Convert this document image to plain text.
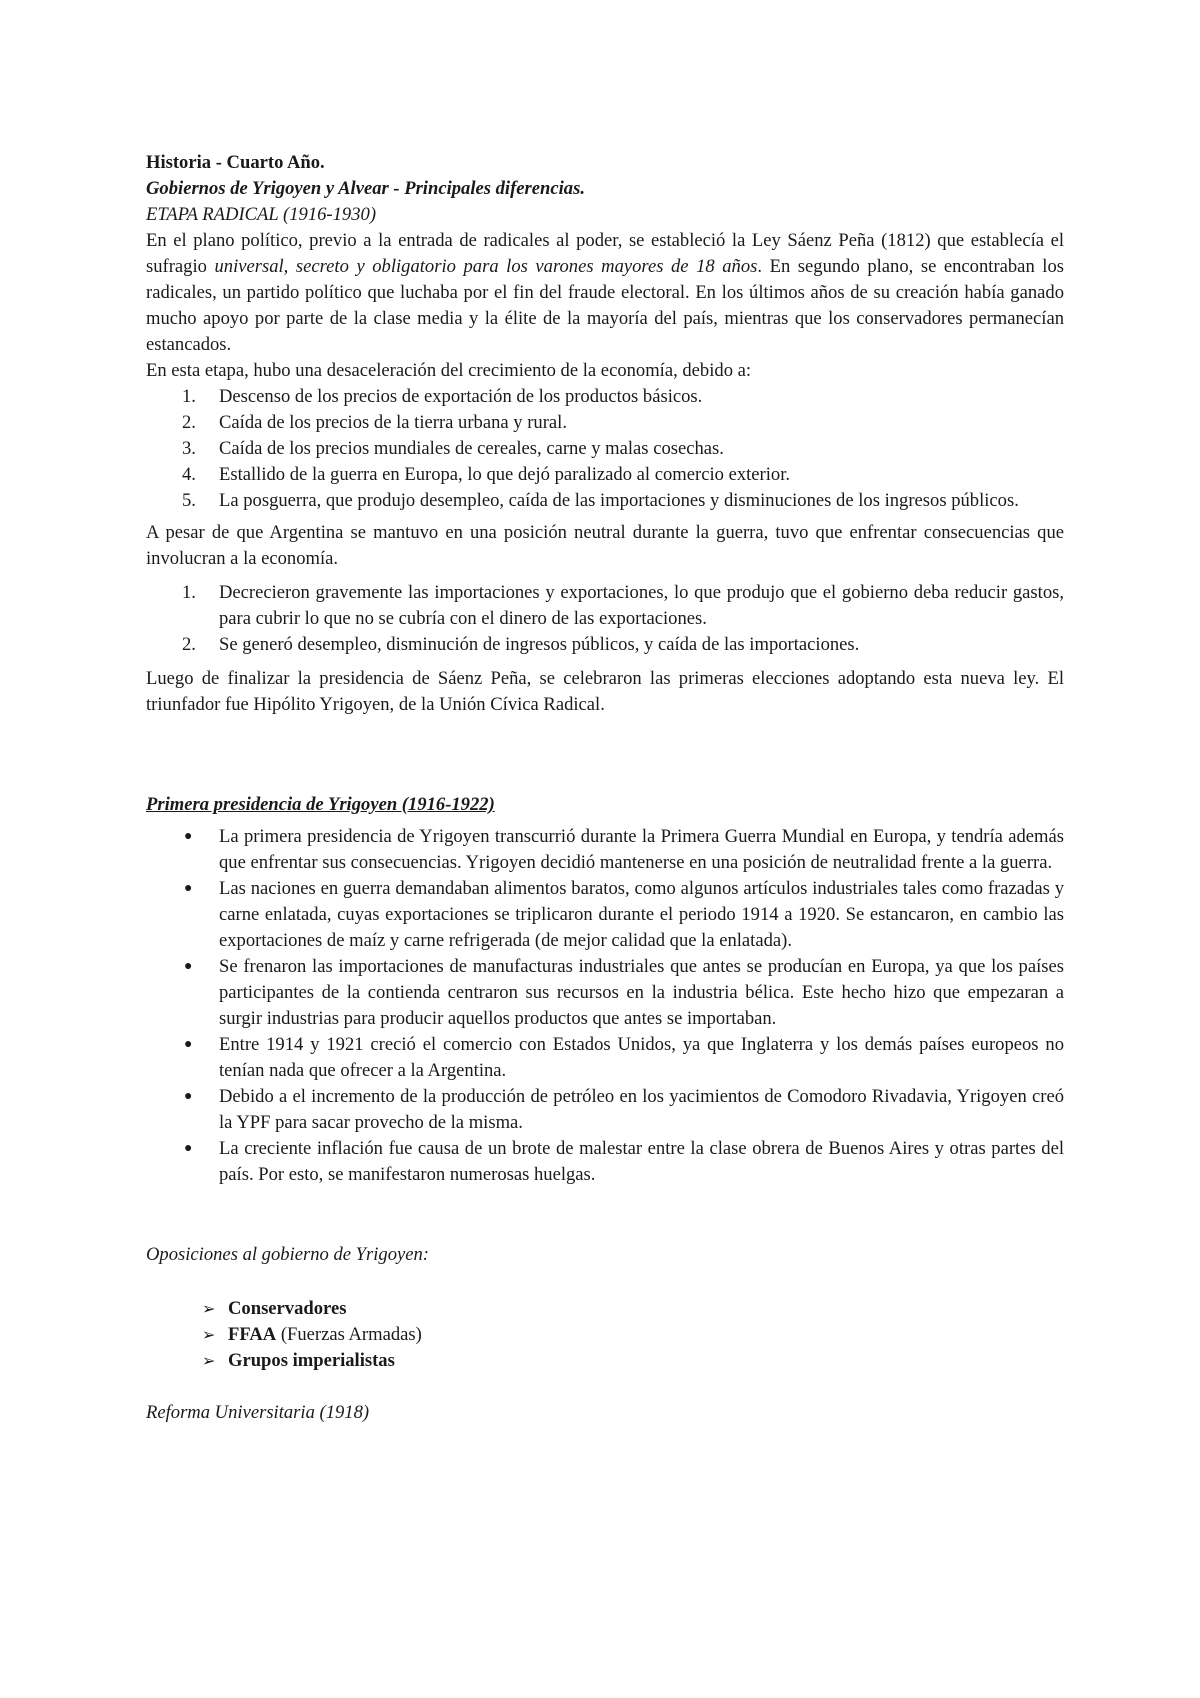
Historia - Cuarto Año.

Gobiernos de Yrigoyen y Alvear - Principales diferencias.

ETAPA RADICAL (1916-1930)

En el plano político, previo a la entrada de radicales al poder, se estableció la Ley Sáenz Peña (1812) que establecía el sufragio universal, secreto y obligatorio para los varones mayores de 18 años. En segundo plano, se encontraban los radicales, un partido político que luchaba por el fin del fraude electoral. En los últimos años de su creación había ganado mucho apoyo por parte de la clase media y la élite de la mayoría del país, mientras que los conservadores permanecían estancados.

En esta etapa, hubo una desaceleración del crecimiento de la economía, debido a:

1. Descenso de los precios de exportación de los productos básicos.
2. Caída de los precios de la tierra urbana y rural.
3. Caída de los precios mundiales de cereales, carne y malas cosechas.
4. Estallido de la guerra en Europa, lo que dejó paralizado al comercio exterior.
5. La posguerra, que produjo desempleo, caída de las importaciones y disminuciones de los ingresos públicos.

A pesar de que Argentina se mantuvo en una posición neutral durante la guerra, tuvo que enfrentar consecuencias que involucran a la economía.

1. Decrecieron gravemente las importaciones y exportaciones, lo que produjo que el gobierno deba reducir gastos, para cubrir lo que no se cubría con el dinero de las exportaciones.
2. Se generó desempleo, disminución de ingresos públicos, y caída de las importaciones.

Luego de finalizar la presidencia de Sáenz Peña, se celebraron las primeras elecciones adoptando esta nueva ley. El triunfador fue Hipólito Yrigoyen, de la Unión Cívica Radical.

Primera presidencia de Yrigoyen (1916-1922)

● La primera presidencia de Yrigoyen transcurrió durante la Primera Guerra Mundial en Europa, y tendría además que enfrentar sus consecuencias. Yrigoyen decidió mantenerse en una posición de neutralidad frente a la guerra.
● Las naciones en guerra demandaban alimentos baratos, como algunos artículos industriales tales como frazadas y carne enlatada, cuyas exportaciones se triplicaron durante el periodo 1914 a 1920. Se estancaron, en cambio las exportaciones de maíz y carne refrigerada (de mejor calidad que la enlatada).
● Se frenaron las importaciones de manufacturas industriales que antes se producían en Europa, ya que los países participantes de la contienda centraron sus recursos en la industria bélica. Este hecho hizo que empezaran a surgir industrias para producir aquellos productos que antes se importaban.
● Entre 1914 y 1921 creció el comercio con Estados Unidos, ya que Inglaterra y los demás países europeos no tenían nada que ofrecer a la Argentina.
● Debido a el incremento de la producción de petróleo en los yacimientos de Comodoro Rivadavia, Yrigoyen creó la YPF para sacar provecho de la misma.
● La creciente inflación fue causa de un brote de malestar entre la clase obrera de Buenos Aires y otras partes del país. Por esto, se manifestaron numerosas huelgas.

Oposiciones al gobierno de Yrigoyen:

➢ Conservadores
➢ FFAA (Fuerzas Armadas)
➢ Grupos imperialistas

Reforma Universitaria (1918)
